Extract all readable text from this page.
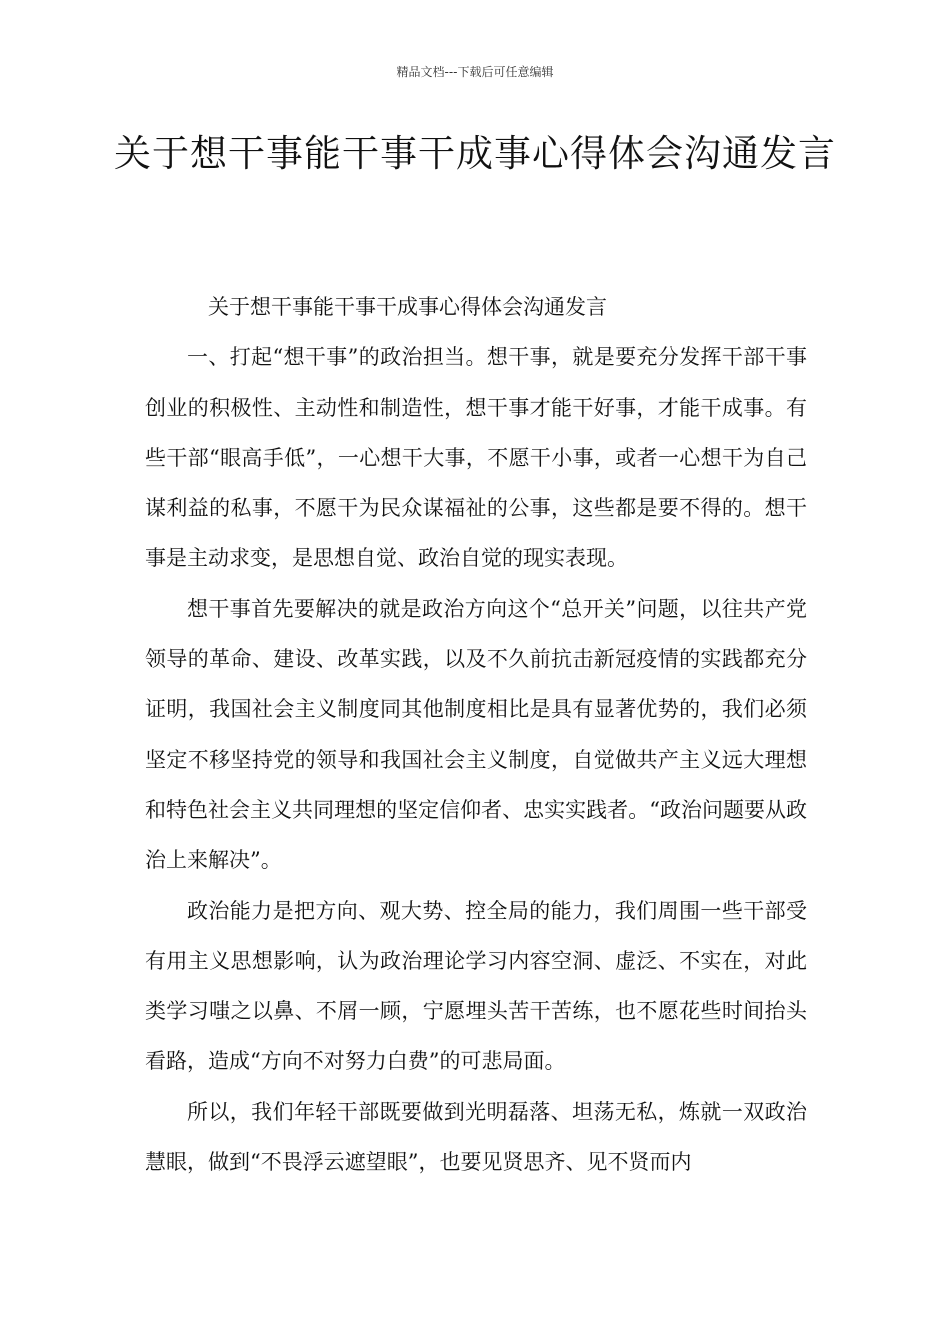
精品文档---下载后可任意编辑
关于想干事能干事干成事心得体会沟通发言

关于想干事能干事干成事心得体会沟通发言

一、打起“想干事”的政治担当。想干事，就是要充分发挥干部干事创业的积极性、主动性和制造性，想干事才能干好事，才能干成事。有些干部“眼高手低”，一心想干大事，不愿干小事，或者一心想干为自己谋利益的私事，不愿干为民众谋福祉的公事，这些都是要不得的。想干事是主动求变，是思想自觉、政治自觉的现实表现。

想干事首先要解决的就是政治方向这个“总开关”问题，以往共产党领导的革命、建设、改革实践，以及不久前抗击新冠疫情的实践都充分证明，我国社会主义制度同其他制度相比是具有显著优势的，我们必须坚定不移坚持党的领导和我国社会主义制度，自觉做共产主义远大理想和特色社会主义共同理想的坚定信仰者、忠实实践者。“政治问题要从政治上来解决”。

政治能力是把方向、观大势、控全局的能力，我们周围一些干部受有用主义思想影响，认为政治理论学习内容空洞、虚泛、不实在，对此类学习嗤之以鼻、不屑一顾，宁愿埋头苦干苦练，也不愿花些时间抬头看路，造成“方向不对努力白费”的可悲局面。

所以，我们年轻干部既要做到光明磊落、坦荡无私，炼就一双政治慧眼，做到“不畏浮云遮望眼”，也要见贤思齐、见不贤而内
